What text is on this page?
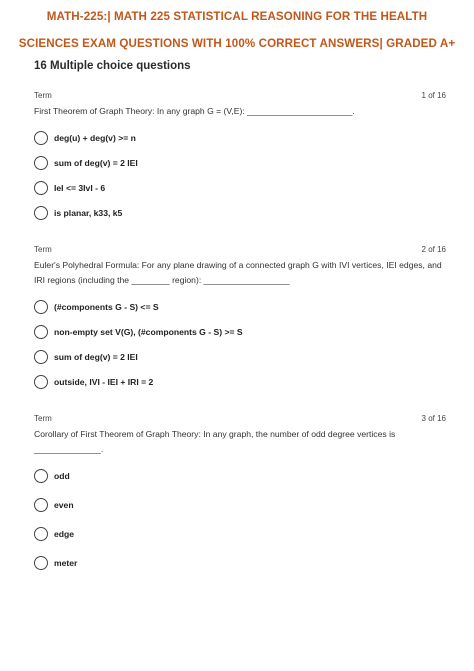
MATH-225:| MATH 225 STATISTICAL REASONING FOR THE HEALTH
SCIENCES EXAM QUESTIONS WITH 100% CORRECT ANSWERS| GRADED A+
16 Multiple choice questions
Term	1 of 16
First Theorem of Graph Theory: In any graph G = (V,E): ______________________.
deg(u) + deg(v) >= n
sum of deg(v) = 2 IEI
IeI <= 3IvI - 6
is planar, k33, k5
Term	2 of 16
Euler's Polyhedral Formula: For any plane drawing of a connected graph G with IVI vertices, IEI edges, and IRI regions (including the ________ region): __________________
(#components G - S) <= S
non-empty set V(G), (#components G - S) >= S
sum of deg(v) = 2 IEI
outside, IVI - IEI + IRI = 2
Term	3 of 16
Corollary of First Theorem of Graph Theory: In any graph, the number of odd degree vertices is ______________.
odd
even
edge
meter
